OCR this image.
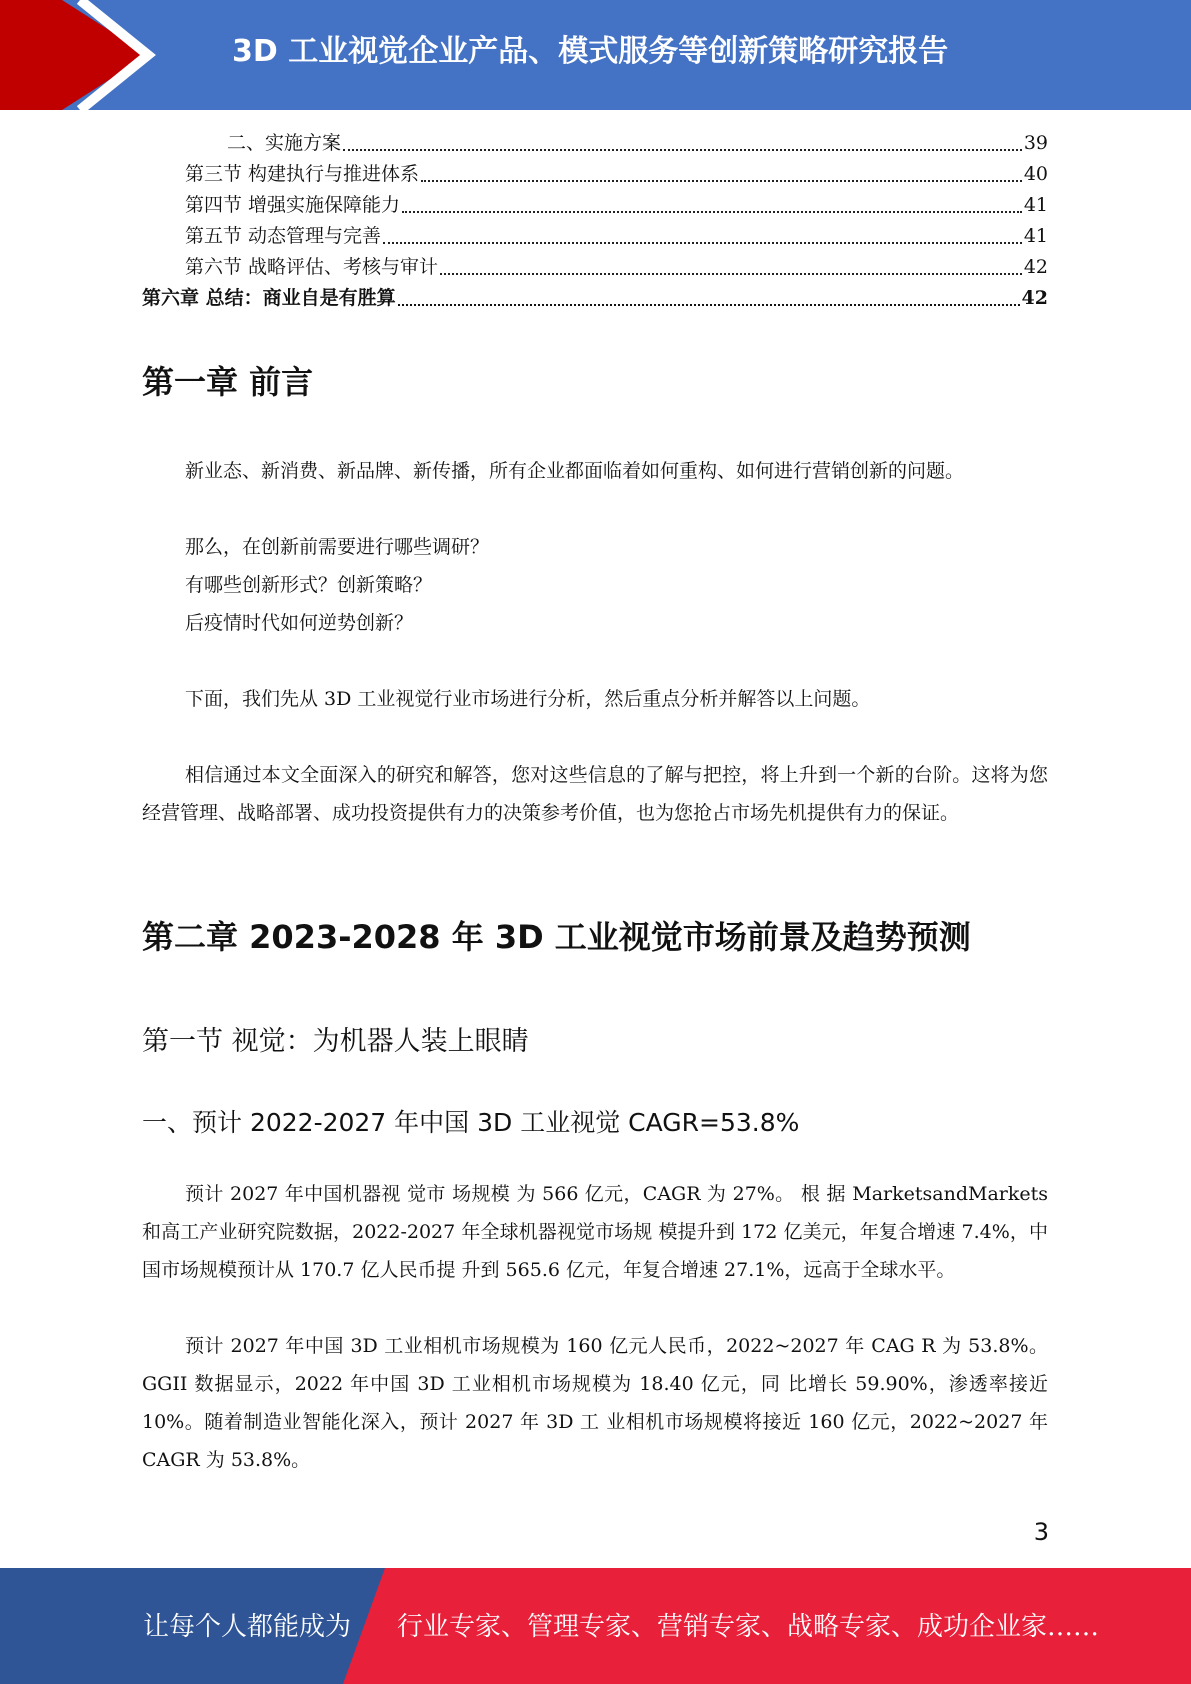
3D 工业视觉企业产品、模式服务等创新策略研究报告
二、实施方案	39
第三节 构建执行与推进体系	40
第四节 增强实施保障能力	41
第五节 动态管理与完善	41
第六节 战略评估、考核与审计	42
第六章 总结：商业自是有胜算	42
第一章 前言
新业态、新消费、新品牌、新传播，所有企业都面临着如何重构、如何进行营销创新的问题。
那么，在创新前需要进行哪些调研？
有哪些创新形式？创新策略？
后疫情时代如何逆势创新？
下面，我们先从 3D 工业视觉行业市场进行分析，然后重点分析并解答以上问题。
相信通过本文全面深入的研究和解答，您对这些信息的了解与把控，将上升到一个新的台阶。这将为您经营管理、战略部署、成功投资提供有力的决策参考价值，也为您抢占市场先机提供有力的保证。
第二章 2023-2028 年 3D 工业视觉市场前景及趋势预测
第一节 视觉：为机器人装上眼睛
一、预计 2022-2027 年中国 3D 工业视觉 CAGR=53.8%
预计 2027 年中国机器视 觉市 场规模 为 566 亿元，CAGR 为 27%。 根 据 MarketsandMarkets 和高工产业研究院数据，2022-2027 年全球机器视觉市场规 模提升到 172 亿美元，年复合增速 7.4%，中国市场规模预计从 170.7 亿人民币提 升到 565.6 亿元，年复合增速 27.1%，远高于全球水平。
预计 2027 年中国 3D 工业相机市场规模为 160 亿元人民币，2022~2027 年 CAG R 为 53.8%。GGII 数据显示，2022 年中国 3D 工业相机市场规模为 18.40 亿元，同 比增长 59.90%，渗透率接近 10%。随着制造业智能化深入，预计 2027 年 3D 工 业相机市场规模将接近 160 亿元，2022~2027 年 CAGR 为 53.8%。
3
让每个人都能成为 行业专家、管理专家、营销专家、战略专家、成功企业家……
